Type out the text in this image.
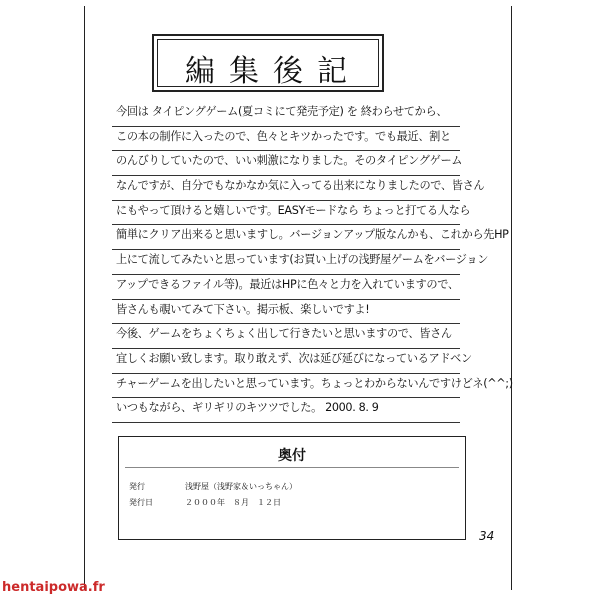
編集後記
今回は タイピングゲーム(夏コミにて発売予定) を 終わらせてから、
この本の制作に入ったので、色々とキツかったです。でも最近、割と
のんびりしていたので、いい刺激になりました。そのタイピングゲーム
なんですが、自分でもなかなか気に入ってる出来になりましたので、皆さん
にもやって頂けると嬉しいです。EASYモードなら ちょっと打てる人なら
簡単にクリア出来ると思いますし。バージョンアップ版なんかも、これから先HP
上にて流してみたいと思っています(お買い上げの浅野屋ゲームをバージョン
アップできるファイル等)。最近はHPに色々と力を入れていますので、
皆さんも覗いてみて下さい。掲示板、楽しいですよ!
今後、ゲームをちょくちょく出して行きたいと思いますので、皆さん
宜しくお願い致します。取り敢えず、次は延び延びになっているアドベン
チャーゲームを出したいと思っています。ちょっとわからないんですけどネ(^^;)
いつもながら、ギリギリのキツツでした。 2000. 8. 9
奥付
発行	浅野屋（浅野家＆いっちゃん）
発行日	２０００年　８月　１２日
34
hentaipowa.fr
